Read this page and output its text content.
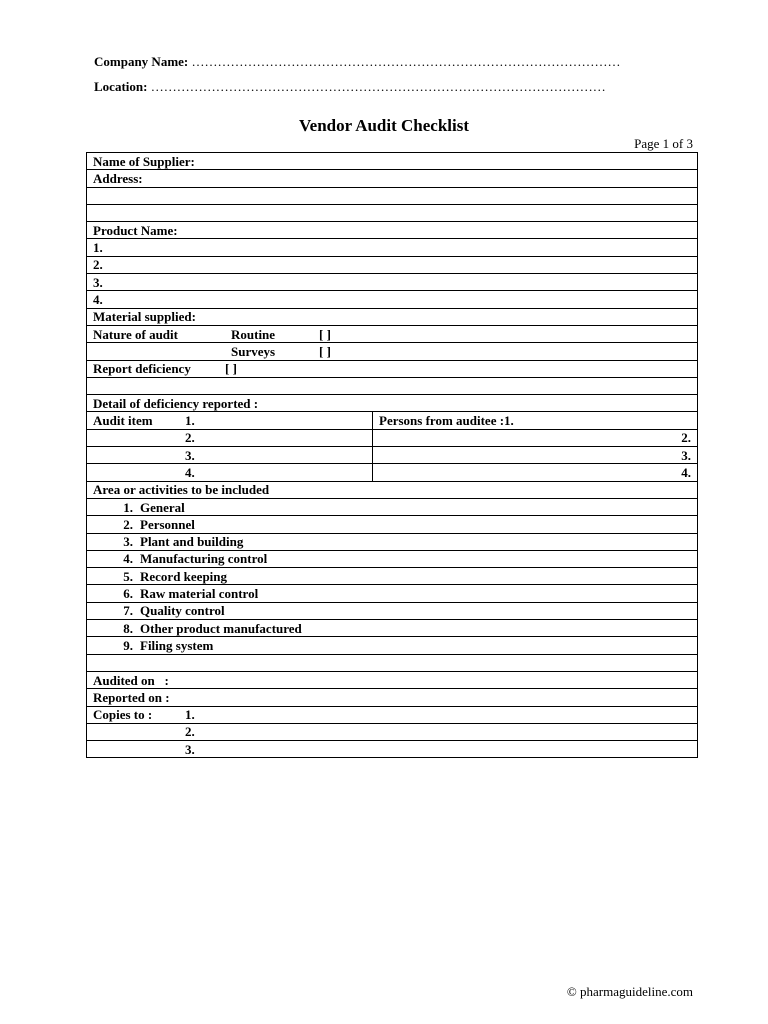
Company Name: ………………………………………………………………………………………
Location: ……………………………………………………………………………………………
Vendor Audit Checklist
Page 1 of 3
Name of Supplier:	
Address:	

Product Name:	
1.	
2.	
3.	
4.	
Material supplied:	
Nature of audit Routine [ ]	
Surveys [ ]	
Report deficiency [ ]	

Detail of deficiency reported :	
Audit item 1.	Persons from auditee :1.
2.	2.
3.	3.
4.	4.
Area or activities to be included	
1. General	
2. Personnel	
3. Plant and building	
4. Manufacturing control	
5. Record keeping	
6. Raw material control	
7. Quality control	
8. Other product manufactured	
9. Filing system	

Audited on   :	
Reported on :	
Copies to : 1.	
2.	
3.	
© pharmaguideline.com
